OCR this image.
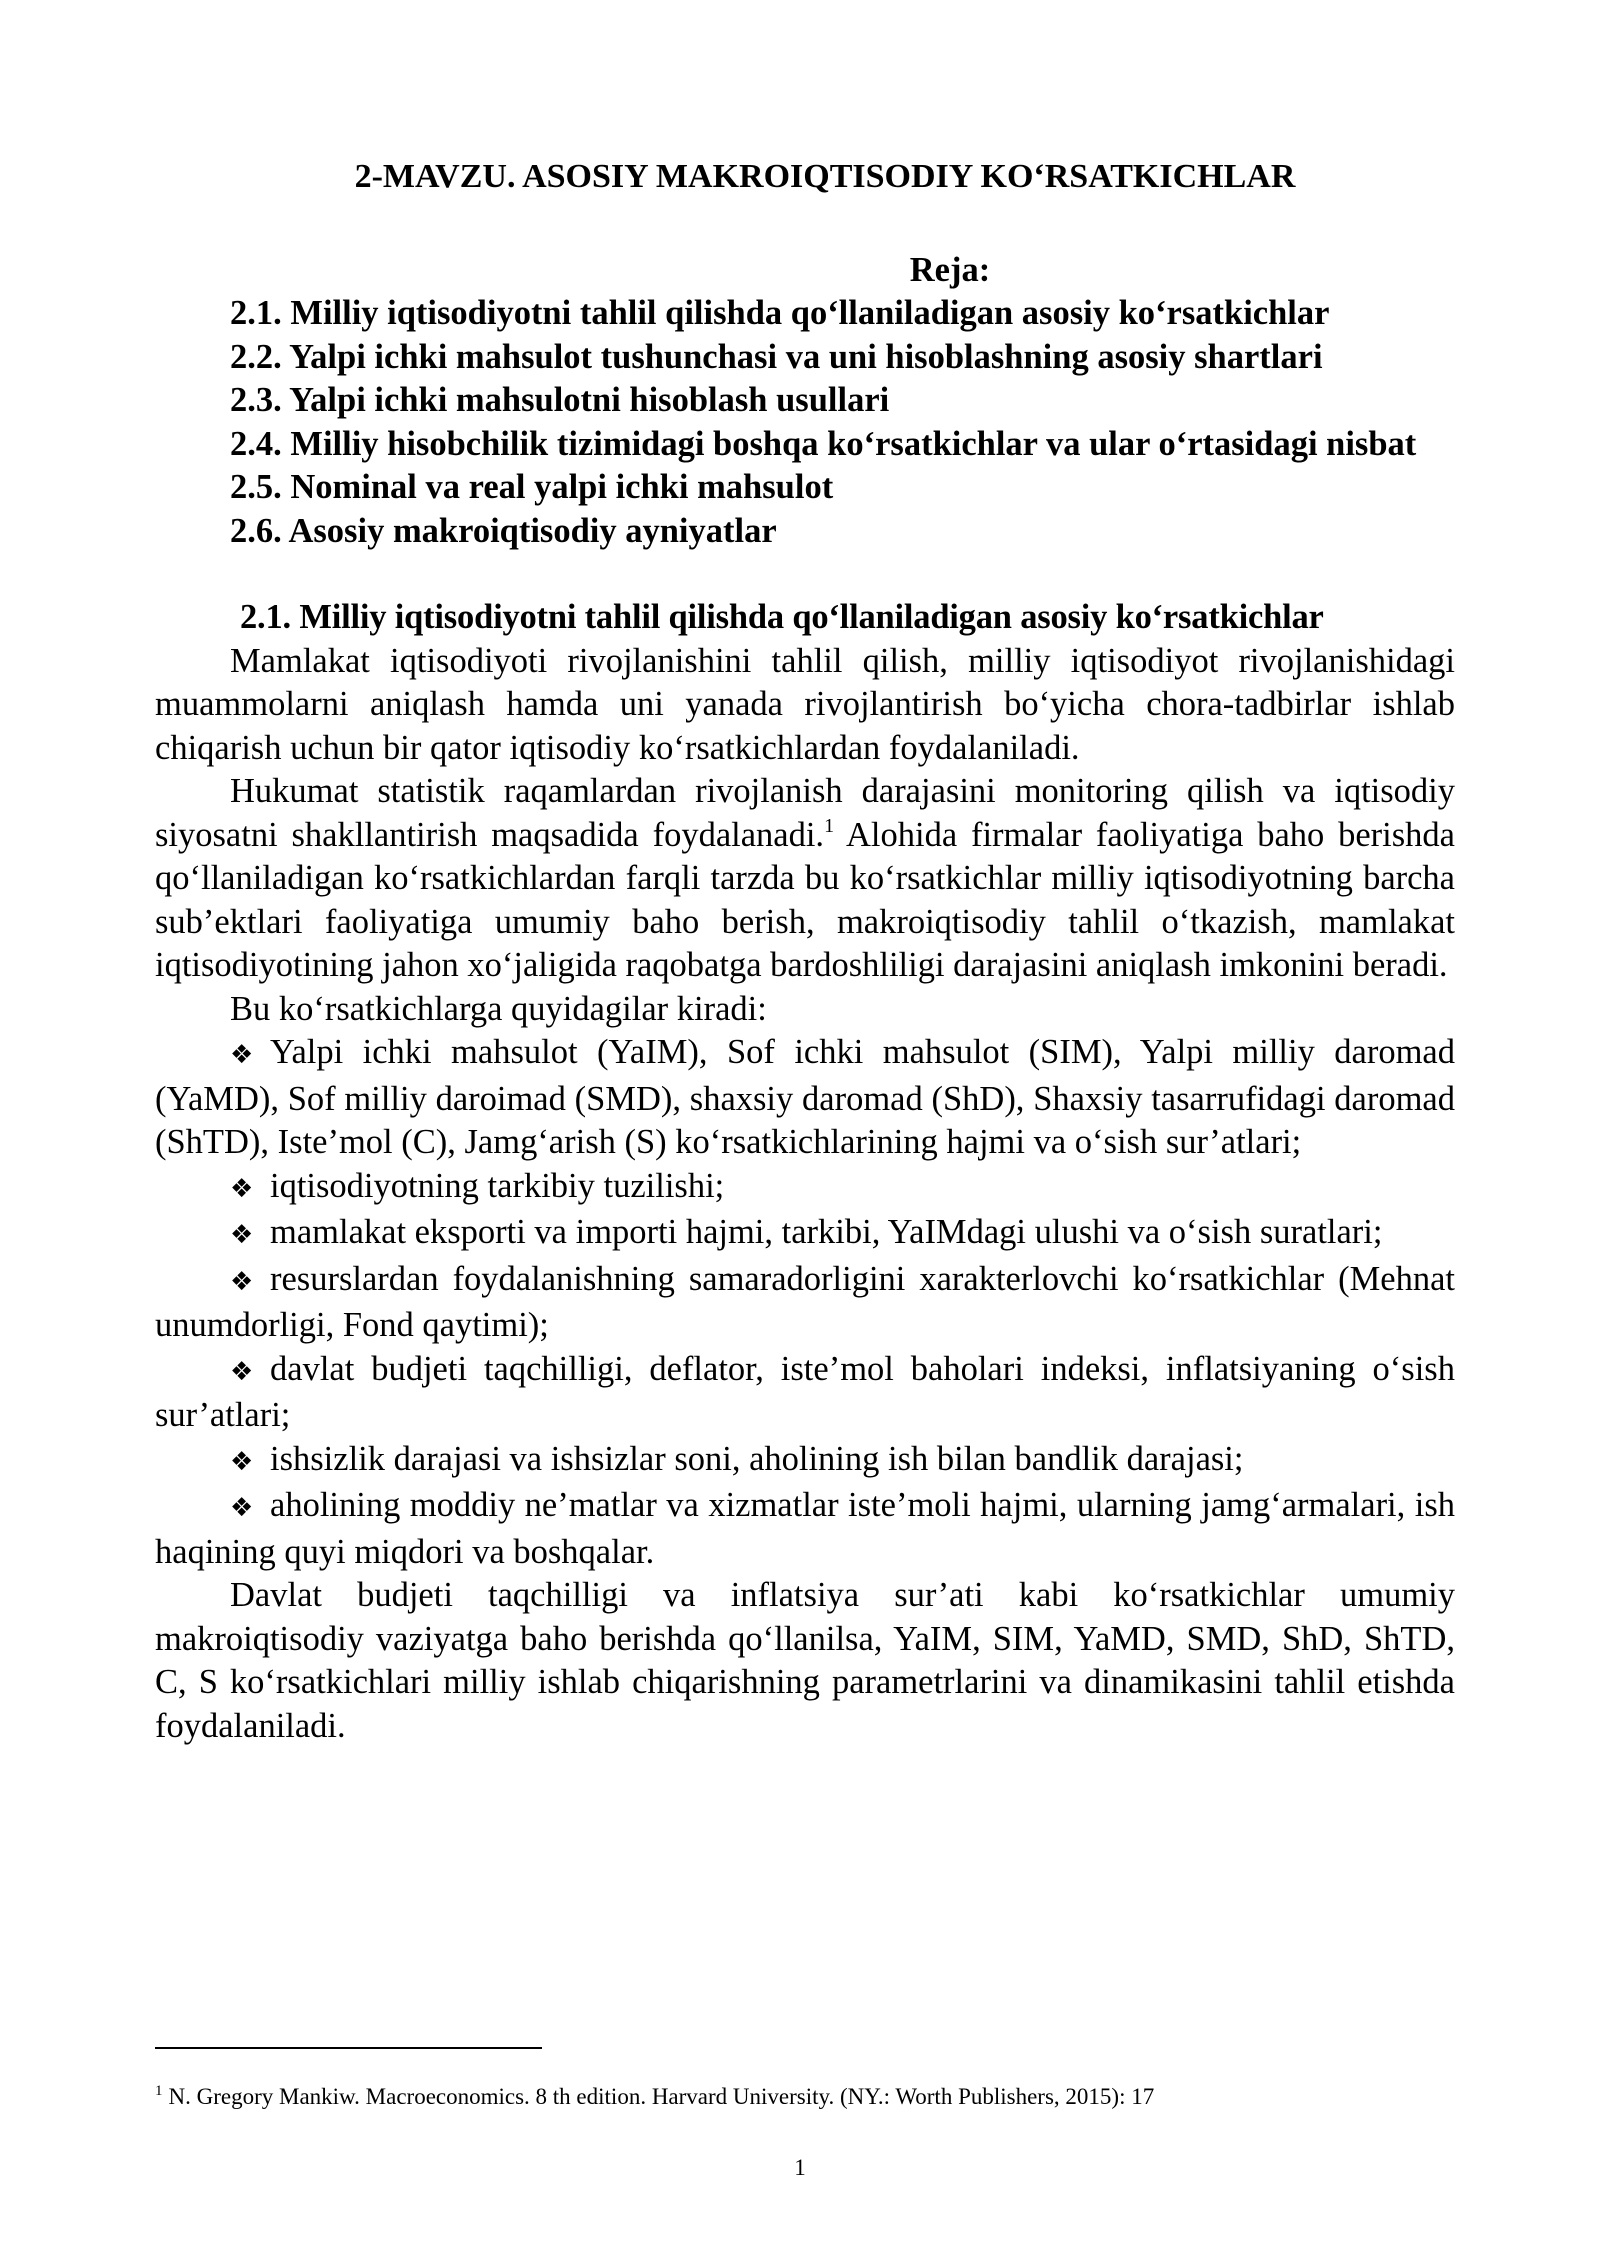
2-MAVZU. ASOSIY MAKROIQTISODIY KO‘RSATKICHLAR
Reja:
2.1. Milliy iqtisodiyotni tahlil qilishda qo‘llaniladigan asosiy ko‘rsatkichlar
2.2. Yalpi ichki mahsulot tushunchasi va uni hisoblashning asosiy shartlari
2.3. Yalpi ichki mahsulotni hisoblash usullari
2.4. Milliy hisobchilik tizimidagi boshqa ko‘rsatkichlar va ular o‘rtasidagi nisbat
2.5. Nominal va real yalpi ichki mahsulot
2.6. Asosiy makroiqtisodiy ayniyatlar
2.1. Milliy iqtisodiyotni tahlil qilishda qo‘llaniladigan asosiy ko‘rsatkichlar

Mamlakat iqtisodiyoti rivojlanishini tahlil qilish, milliy iqtisodiyot rivojlanishidagi muammolarni aniqlash hamda uni yanada rivojlantirish bo‘yicha chora-tadbirlar ishlab chiqarish uchun bir qator iqtisodiy ko‘rsatkichlardan foydalaniladi.

Hukumat statistik raqamlardan rivojlanish darajasini monitoring qilish va iqtisodiy siyosatni shakllantirish maqsadida foydalanadi.$^1$ Alohida firmalar faoliyatiga baho berishda qo‘llaniladigan ko‘rsatkichlardan farqli tarzda bu ko‘rsatkichlar milliy iqtisodiyotning barcha sub’ektlari faoliyatiga umumiy baho berish, makroiqtisodiy tahlil o‘tkazish, mamlakat iqtisodiyotining jahon xo‘jaligida raqobatga bardoshliligi darajasini aniqlash imkonini beradi.

Bu ko‘rsatkichlarga quyidagilar kiradi:

❖ Yalpi ichki mahsulot (YaIM), Sof ichki mahsulot (SIM), Yalpi milliy daromad (YaMD), Sof milliy daroimad (SMD), shaxsiy daromad (ShD), Shaxsiy tasarrufidagi daromad (ShTD), Iste’mol (C), Jamg‘arish (S) ko‘rsatkichlarining hajmi va o‘sish sur’atlari;
❖ iqtisodiyotning tarkibiy tuzilishi;
❖ mamlakat eksporti va importi hajmi, tarkibi, YaIMdagi ulushi va o‘sish suratlari;
❖ resurslardan foydalanishning samaradorligini xarakterlovchi ko‘rsatkichlar (Mehnat unumdorligi, Fond qaytimi);
❖ davlat budjeti taqchilligi, deflator, iste’mol baholari indeksi, inflatsiyaning o‘sish sur’atlari;
❖ ishsizlik darajasi va ishsizlar soni, aholining ish bilan bandlik darajasi;
❖ aholining moddiy ne’matlar va xizmatlar iste’moli hajmi, ularning jamg‘armalari, ish haqining quyi miqdori va boshqalar.

Davlat budjeti taqchilligi va inflatsiya sur’ati kabi ko‘rsatkichlar umumiy makroiqtisodiy vaziyatga baho berishda qo‘llanilsa, YaIM, SIM, YaMD, SMD, ShD, ShTD, C, S ko‘rsatkichlari milliy ishlab chiqarishning parametrlarini va dinamikasini tahlil etishda foydalaniladi.

$^1$ N. Gregory Mankiw. Macroeconomics. 8 th edition. Harvard University. (NY.: Worth Publishers, 2015): 17
1
